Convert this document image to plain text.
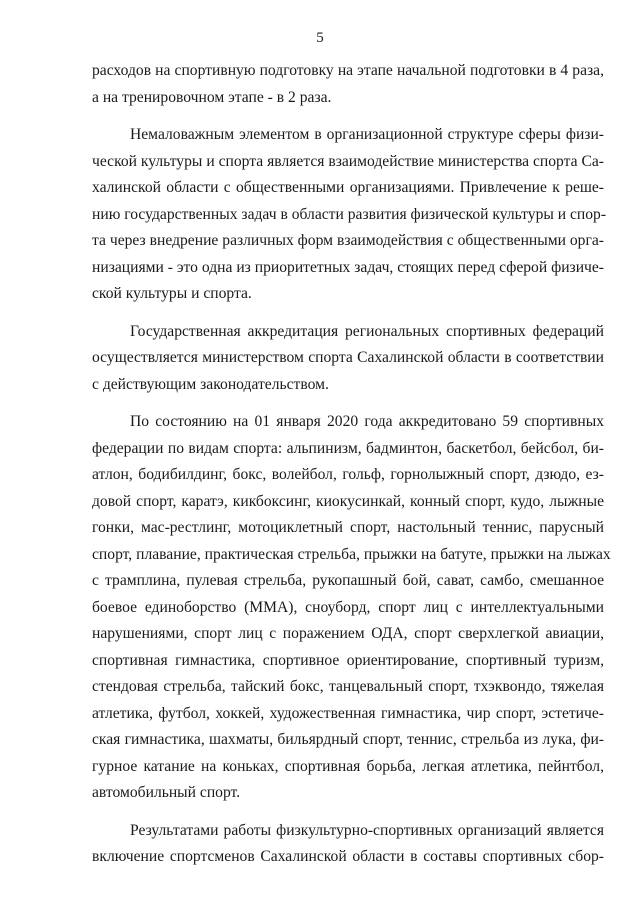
5
расходов на спортивную подготовку на этапе начальной подготовки в 4 раза,
а на тренировочном этапе - в 2 раза.
Немаловажным элементом в организационной структуре сферы физи-
ческой культуры и спорта является взаимодействие министерства спорта Са-
халинской области с общественными организациями. Привлечение к реше-
нию государственных задач в области развития физической культуры и спор-
та через внедрение различных форм взаимодействия с общественными орга-
низациями - это одна из приоритетных задач, стоящих перед сферой физиче-
ской культуры и спорта.
Государственная аккредитация региональных спортивных федераций
осуществляется министерством спорта Сахалинской области в соответствии
с действующим законодательством.
По состоянию на 01 января 2020 года аккредитовано 59 спортивных
федерации по видам спорта: альпинизм, бадминтон, баскетбол, бейсбол, би-
атлон, бодибилдинг, бокс, волейбол, гольф, горнолыжный спорт, дзюдо, ез-
довой спорт, каратэ, кикбоксинг, киокусинкай, конный спорт, кудо, лыжные
гонки, мас-рестлинг, мотоциклетный спорт, настольный теннис, парусный
спорт, плавание, практическая стрельба, прыжки на батуте, прыжки на лыжах
с трамплина, пулевая стрельба, рукопашный бой, сават, самбо, смешанное
боевое единоборство (ММА), сноуборд, спорт лиц с интеллектуальными
нарушениями, спорт лиц с поражением ОДА, спорт сверхлегкой авиации,
спортивная гимнастика, спортивное ориентирование, спортивный туризм,
стендовая стрельба, тайский бокс, танцевальный спорт, тхэквондо, тяжелая
атлетика, футбол, хоккей, художественная гимнастика, чир спорт, эстетиче-
ская гимнастика, шахматы, бильярдный спорт, теннис, стрельба из лука, фи-
гурное катание на коньках, спортивная борьба, легкая атлетика, пейнтбол,
автомобильный спорт.
Результатами работы физкультурно-спортивных организаций является
включение спортсменов Сахалинской области в составы спортивных сбор-
